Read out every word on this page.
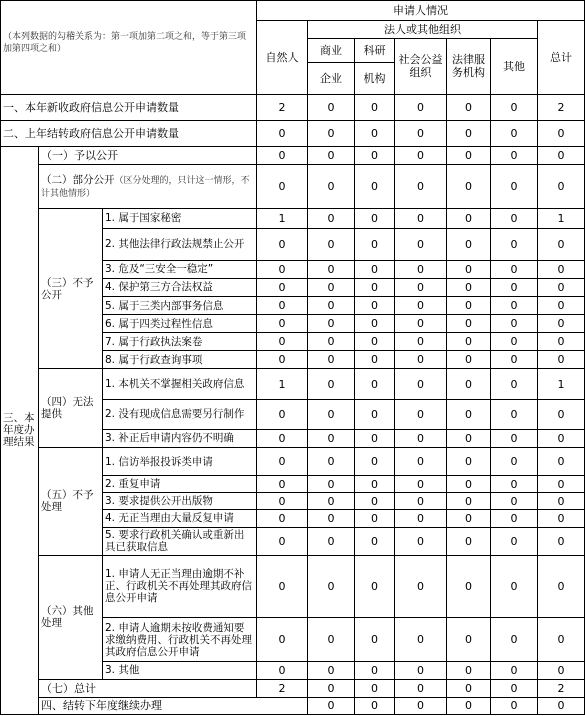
（本列数据的勾稽关系为：第一项加第二项之和，等于第三项加第四项之和）			申请人情况							
			自然人	法人或其他组织					总计	
				商业	科研	社会公益组织	法律服务机构	其他		
				企业	机构					
一、本年新收政府信息公开申请数量			2	0	0	0	0	0	2	
二、上年结转政府信息公开申请数量			0	0	0	0	0	0	0	
三、本年度办理结果	（一）予以公开		0	0	0	0	0	0	0	
	（二）部分公开（区分处理的，只计这一情形，不计其他情形）		0	0	0	0	0	0	0	
	（三）不予公开	1. 属于国家秘密	1	0	0	0	0	0	1	
		2. 其他法律行政法规禁止公开	0	0	0	0	0	0	0	
		3. 危及“三安全一稳定”	0	0	0	0	0	0	0	
		4. 保护第三方合法权益	0	0	0	0	0	0	0	
		5. 属于三类内部事务信息	0	0	0	0	0	0	0	
		6. 属于四类过程性信息	0	0	0	0	0	0	0	
		7. 属于行政执法案卷	0	0	0	0	0	0	0	
		8. 属于行政查询事项	0	0	0	0	0	0	0	
	（四）无法提供	1. 本机关不掌握相关政府信息	1	0	0	0	0	0	1	
		2. 没有现成信息需要另行制作	0	0	0	0	0	0	0	
		3. 补正后申请内容仍不明确	0	0	0	0	0	0	0	
	（五）不予处理	1. 信访举报投诉类申请	0	0	0	0	0	0	0	
		2. 重复申请	0	0	0	0	0	0	0	
		3. 要求提供公开出版物	0	0	0	0	0	0	0	
		4. 无正当理由大量反复申请	0	0	0	0	0	0	0	
		5. 要求行政机关确认或重新出具已获取信息	0	0	0	0	0	0	0	
	（六）其他处理	1. 申请人无正当理由逾期不补正、行政机关不再处理其政府信息公开申请	0	0	0	0	0	0	0	
		2. 申请人逾期未按收费通知要求缴纳费用、行政机关不再处理其政府信息公开申请	0	0	0	0	0	0	0	
		3. 其他	0	0	0	0	0	0	0	
	（七）总计		2	0	0	0	0	0	2	
	四、结转下年度继续办理			0	0	0	0	0	0	
